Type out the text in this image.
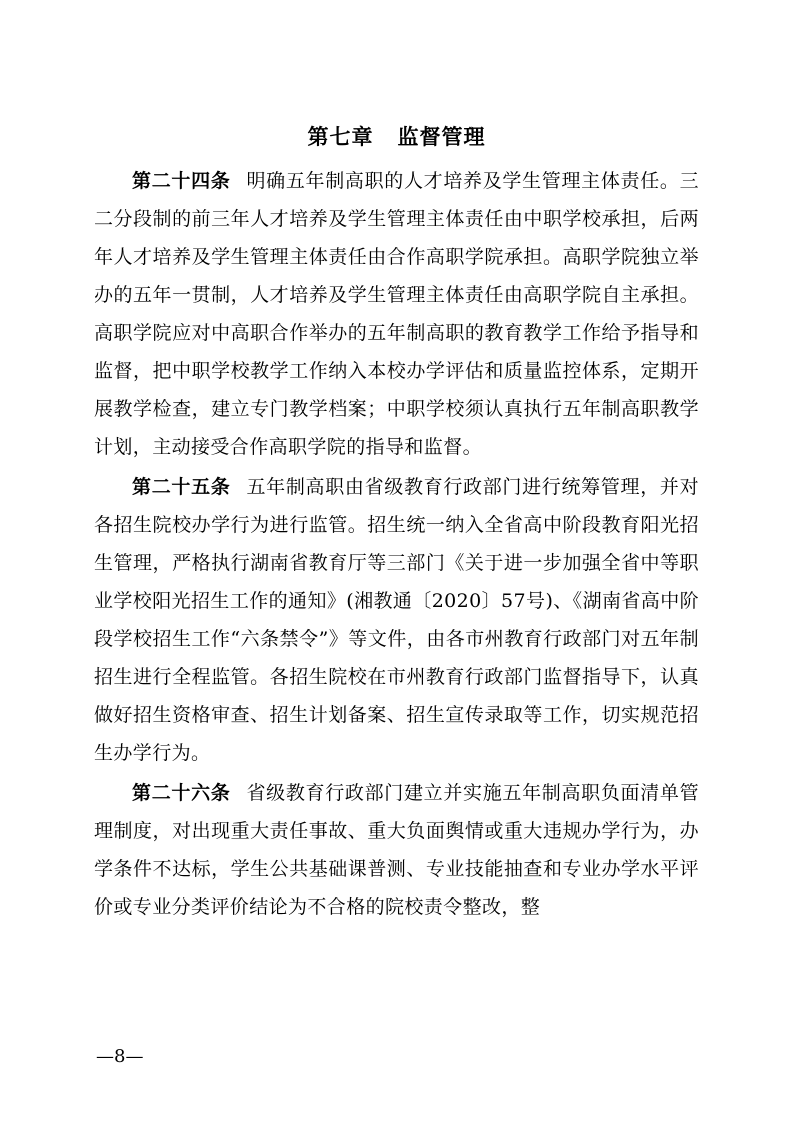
第七章 监督管理

第二十四条 明确五年制高职的人才培养及学生管理主体责任。三二分段制的前三年人才培养及学生管理主体责任由中职学校承担，后两年人才培养及学生管理主体责任由合作高职学院承担。高职学院独立举办的五年一贯制，人才培养及学生管理主体责任由高职学院自主承担。高职学院应对中高职合作举办的五年制高职的教育教学工作给予指导和监督，把中职学校教学工作纳入本校办学评估和质量监控体系，定期开展教学检查，建立专门教学档案；中职学校须认真执行五年制高职教学计划，主动接受合作高职学院的指导和监督。

第二十五条 五年制高职由省级教育行政部门进行统筹管理，并对各招生院校办学行为进行监管。招生统一纳入全省高中阶段教育阳光招生管理，严格执行湖南省教育厅等三部门《关于进一步加强全省中等职业学校阳光招生工作的通知》(湘教通〔2020〕57号)、《湖南省高中阶段学校招生工作“六条禁令”》等文件，由各市州教育行政部门对五年制招生进行全程监管。各招生院校在市州教育行政部门监督指导下，认真做好招生资格审查、招生计划备案、招生宣传录取等工作，切实规范招生办学行为。

第二十六条 省级教育行政部门建立并实施五年制高职负面清单管理制度，对出现重大责任事故、重大负面舆情或重大违规办学行为，办学条件不达标，学生公共基础课普测、专业技能抽查和专业办学水平评价或专业分类评价结论为不合格的院校责令整改，整

—8—
